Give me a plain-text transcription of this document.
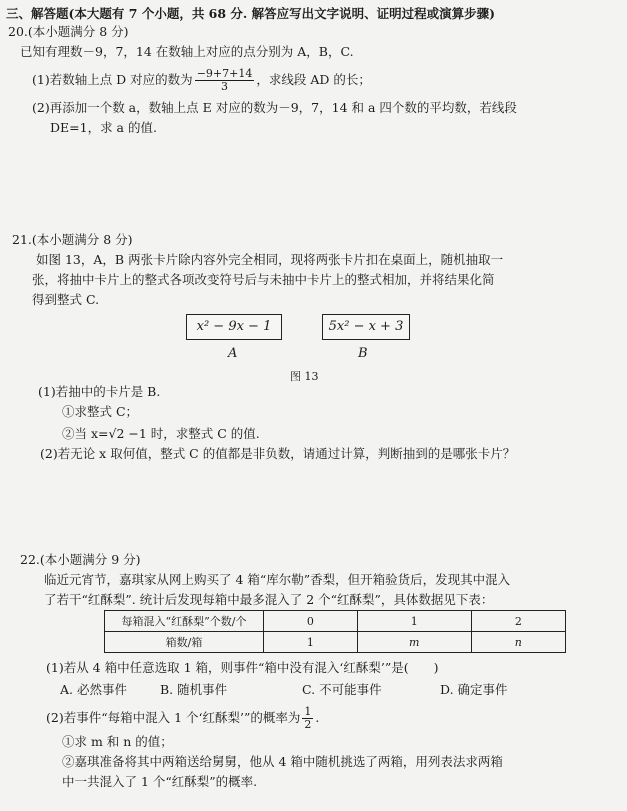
三、解答题(本大题有 7 个小题，共 68 分. 解答应写出文字说明、证明过程或演算步骤)
20.(本小题满分 8 分)
已知有理数－9，7，14 在数轴上对应的点分别为 A，B，C.
(1)若数轴上点 D 对应的数为 $\frac{-9+7+14}{3}$ ，求线段 AD 的长；
(2)再添加一个数 a，数轴上点 E 对应的数为－9，7，14 和 a 四个数的平均数，若线段
DE=1，求 a 的值.
21.(本小题满分 8 分)
如图 13，A，B 两张卡片除内容外完全相同，现将两张卡片扣在桌面上，随机抽取一
张，将抽中卡片上的整式各项改变符号后与未抽中卡片上的整式相加，并将结果化简
得到整式 C.
x² − 9x − 1	5x² − x + 3
A	B
图 13
(1)若抽中的卡片是 B.
①求整式 C；
②当 x=√2 −1 时，求整式 C 的值.
(2)若无论 x 取何值，整式 C 的值都是非负数，请通过计算，判断抽到的是哪张卡片？
22.(本小题满分 9 分)
临近元宵节，嘉琪家从网上购买了 4 箱“库尔勒”香梨，但开箱验货后，发现其中混入
了若干“红酥梨”. 统计后发现每箱中最多混入了 2 个“红酥梨”，具体数据见下表：
每箱混入“红酥梨”个数/个	0	1	2
箱数/箱	1	m	n
(1)若从 4 箱中任意选取 1 箱，则事件“箱中没有混入‘红酥梨’”是(　　)
A. 必然事件	B. 随机事件	C. 不可能事件	D. 确定事件
(2)若事件“每箱中混入 1 个‘红酥梨’”的概率为 $\frac{1}{2}$ .
①求 m 和 n 的值；
②嘉琪准备将其中两箱送给舅舅，他从 4 箱中随机挑选了两箱，用列表法求两箱
中一共混入了 1 个“红酥梨”的概率.
